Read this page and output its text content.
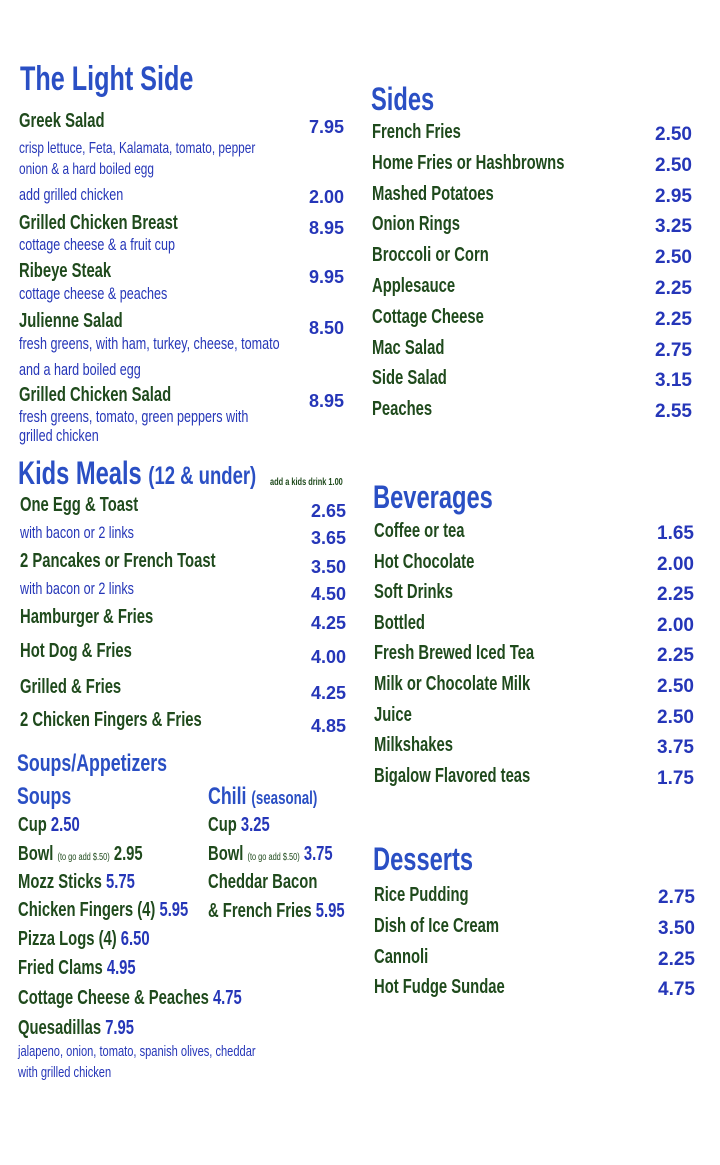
The Light Side
Greek Salad	7.95
crisp lettuce, Feta, Kalamata, tomato, pepper
onion & a hard boiled egg
add grilled chicken	2.00
Grilled Chicken Breast	8.95
cottage cheese & a fruit cup
Ribeye Steak	9.95
cottage cheese & peaches
Julienne Salad	8.50
fresh greens, with ham, turkey, cheese, tomato
and a hard boiled egg
Grilled Chicken Salad	8.95
fresh greens, tomato, green peppers with
grilled chicken
Kids Meals (12 & under) add a kids drink 1.00
One Egg & Toast	2.65
with bacon or 2 links	3.65
2 Pancakes or French Toast	3.50
with bacon or 2 links	4.50
Hamburger & Fries	4.25
Hot Dog & Fries	4.00
Grilled & Fries	4.25
2 Chicken Fingers & Fries	4.85
Soups/Appetizers
Soups	Chili (seasonal)
Cup 2.50
Bowl (to go add $.50) 2.95
Cup 3.25
Bowl (to go add $.50) 3.75
Cheddar Bacon
& French Fries 5.95
Mozz Sticks 5.75
Chicken Fingers (4) 5.95
Pizza Logs (4) 6.50
Fried Clams 4.95
Cottage Cheese & Peaches 4.75
Quesadillas 7.95
jalapeno, onion, tomato, spanish olives, cheddar
with grilled chicken
Sides
French Fries	2.50
Home Fries or Hashbrowns	2.50
Mashed Potatoes	2.95
Onion Rings	3.25
Broccoli or Corn	2.50
Applesauce	2.25
Cottage Cheese	2.25
Mac Salad	2.75
Side Salad	3.15
Peaches	2.55
Beverages
Coffee or tea	1.65
Hot Chocolate	2.00
Soft Drinks	2.25
Bottled	2.00
Fresh Brewed Iced Tea	2.25
Milk or Chocolate Milk	2.50
Juice	2.50
Milkshakes	3.75
Bigalow Flavored teas	1.75
Desserts
Rice Pudding	2.75
Dish of Ice Cream	3.50
Cannoli	2.25
Hot Fudge Sundae	4.75
